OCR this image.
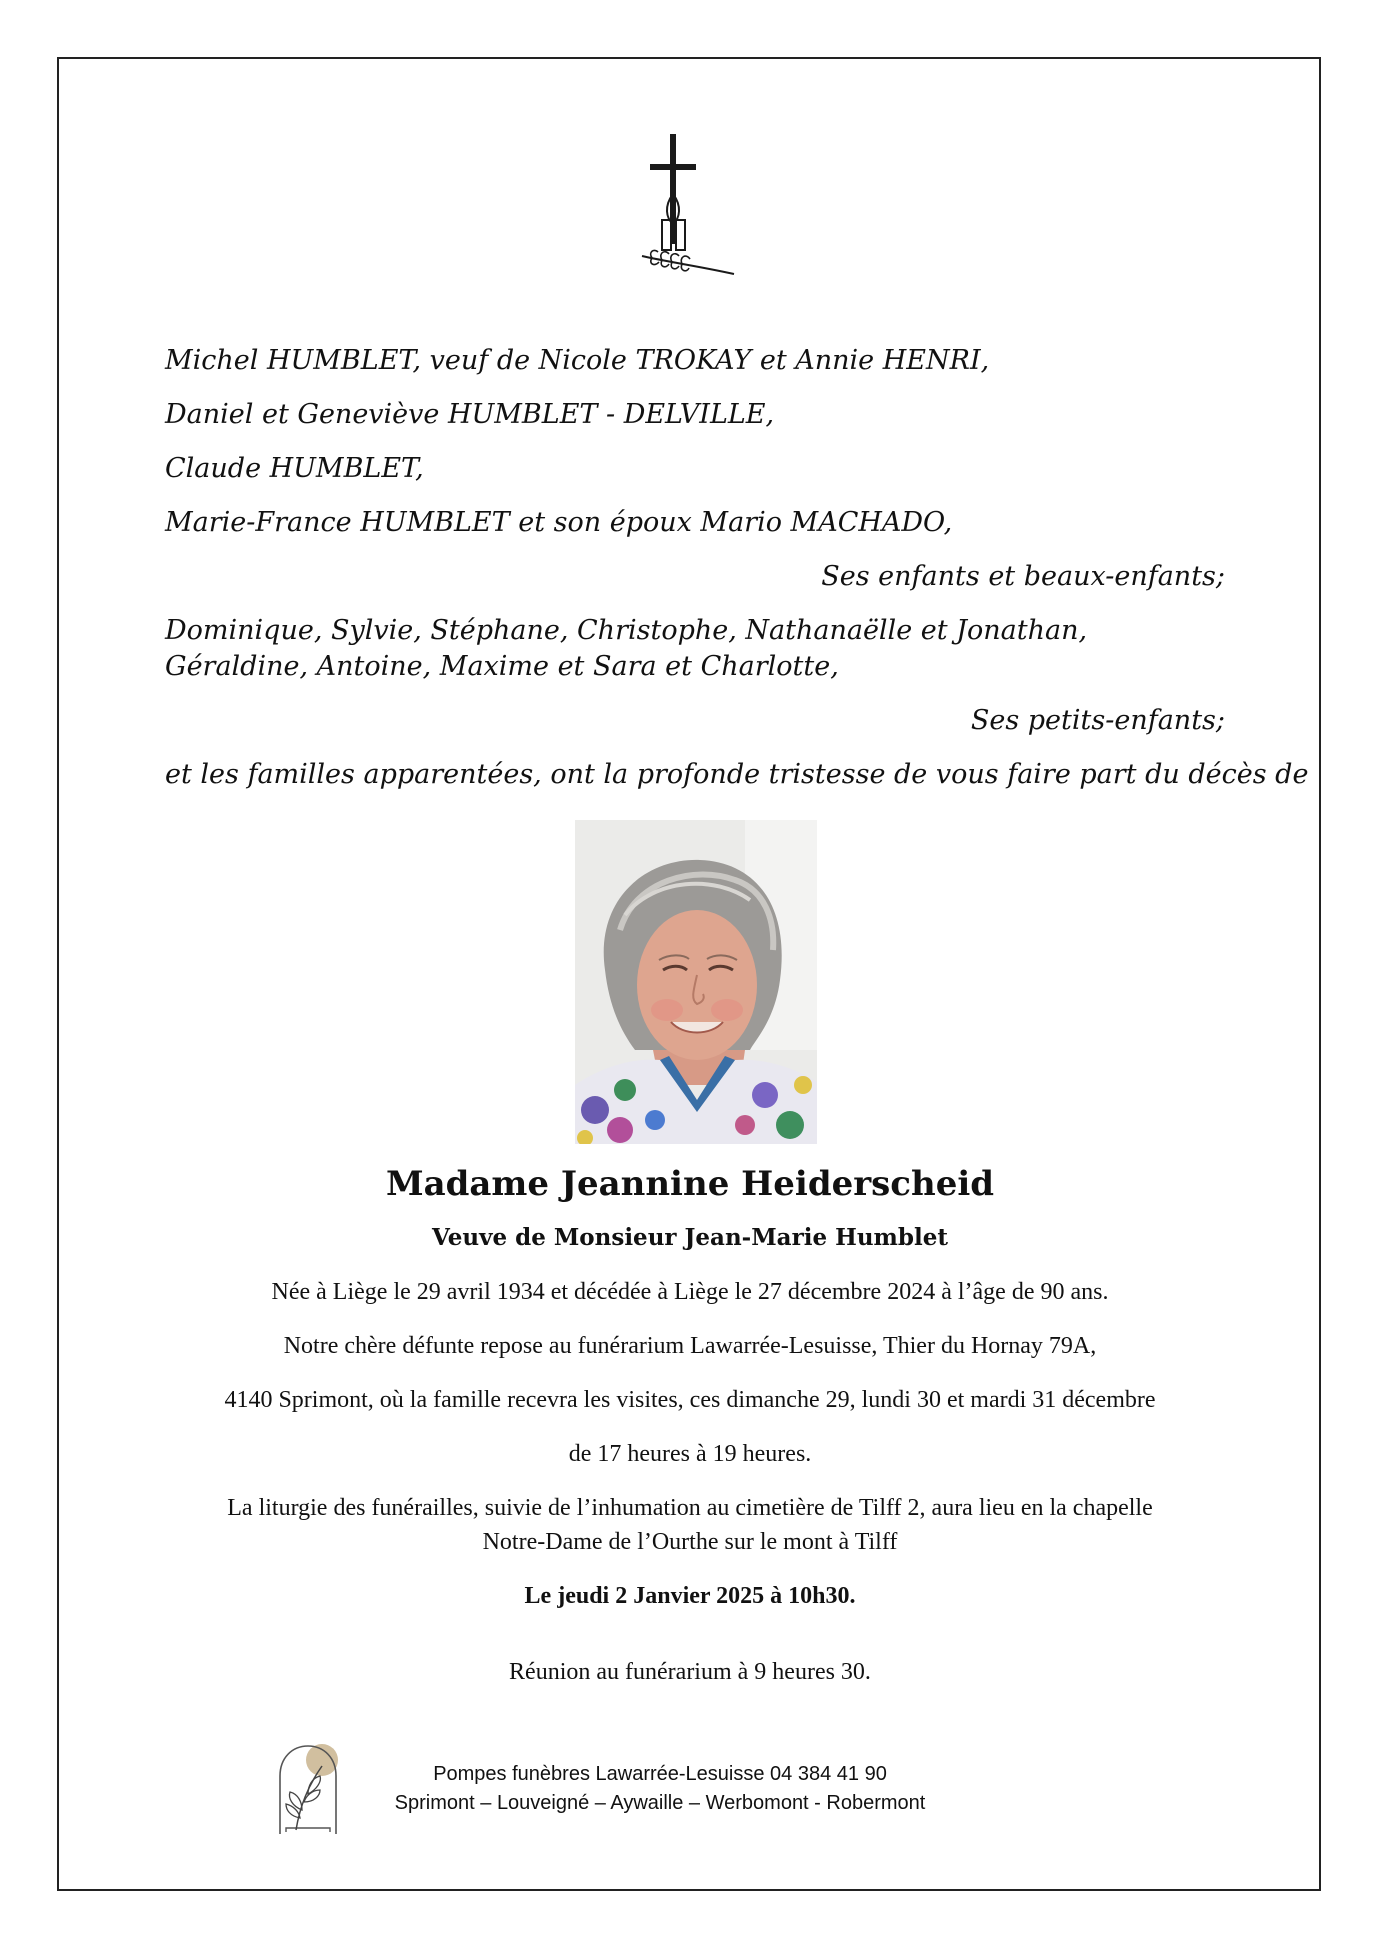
Michel HUMBLET, veuf de Nicole TROKAY et Annie HENRI,
Daniel et Geneviève HUMBLET - DELVILLE,
Claude HUMBLET,
Marie-France HUMBLET et son époux Mario MACHADO,
Ses enfants et beaux-enfants;
Dominique, Sylvie, Stéphane, Christophe, Nathanaëlle et Jonathan, Géraldine, Antoine, Maxime et Sara et Charlotte,
Ses petits-enfants;
et les familles apparentées, ont la profonde tristesse de vous faire part du décès de
Madame Jeannine Heiderscheid
Veuve de Monsieur Jean-Marie Humblet
Née à Liège le 29 avril 1934 et décédée à Liège le 27 décembre 2024 à l’âge de 90 ans.
Notre chère défunte repose au funérarium Lawarrée-Lesuisse, Thier du Hornay 79A,
4140 Sprimont, où la famille recevra les visites, ces dimanche 29, lundi 30 et mardi 31 décembre
de 17 heures à 19 heures.
La liturgie des funérailles, suivie de l’inhumation au cimetière de Tilff 2, aura lieu en la chapelle
Notre-Dame de l’Ourthe sur le mont à Tilff
Le jeudi 2 Janvier 2025 à 10h30.
Réunion au funérarium à 9 heures 30.
Pompes funèbres Lawarrée-Lesuisse 04 384 41 90
Sprimont – Louveigné – Aywaille – Werbomont - Robermont
